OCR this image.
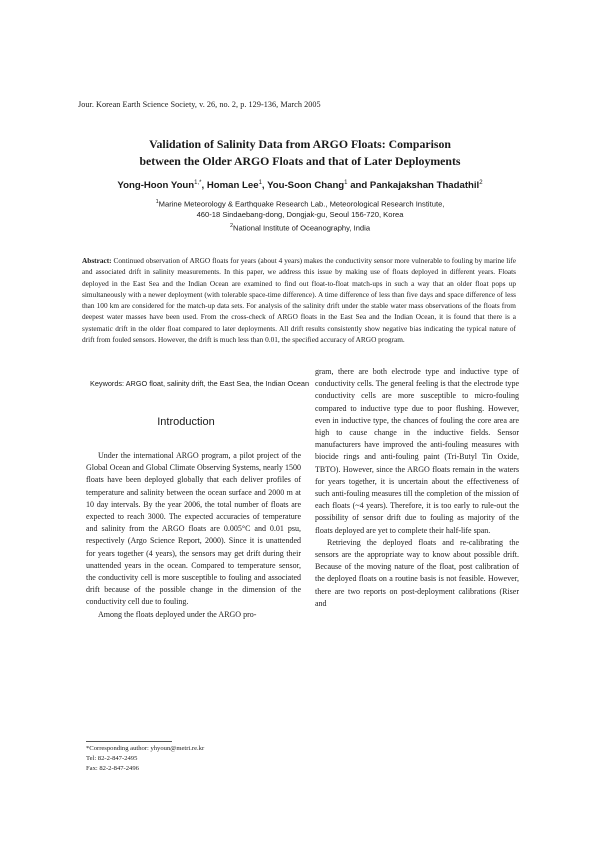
Jour. Korean Earth Science Society, v. 26, no. 2, p. 129-136, March 2005
Validation of Salinity Data from ARGO Floats: Comparison
between the Older ARGO Floats and that of Later Deployments
Yong-Hoon Youn$^{1,*}$, Homan Lee$^1$, You-Soon Chang$^1$ and Pankajakshan Thadathil$^2$
$^1$Marine Meteorology & Earthquake Research Lab., Meteorological Research Institute,
460-18 Sindaebang-dong, Dongjak-gu, Seoul 156-720, Korea
$^2$National Institute of Oceanography, India
Abstract: Continued observation of ARGO floats for years (about 4 years) makes the conductivity sensor more vulnerable to fouling by marine life and associated drift in salinity measurements. In this paper, we address this issue by making use of floats deployed in different years. Floats deployed in the East Sea and the Indian Ocean are examined to find out float-to-float match-ups in such a way that an older float pops up simultaneously with a newer deployment (with tolerable space-time difference). A time difference of less than five days and space difference of less than 100 km are considered for the match-up data sets. For analysis of the salinity drift under the stable water mass observations of the floats from deepest water masses have been used. From the cross-check of ARGO floats in the East Sea and the Indian Ocean, it is found that there is a systematic drift in the older float compared to later deployments. All drift results consistently show negative bias indicating the typical nature of drift from fouled sensors. However, the drift is much less than 0.01, the specified accuracy of ARGO program.
Keywords: ARGO float, salinity drift, the East Sea, the Indian Ocean
Introduction

Under the international ARGO program, a pilot project of the Global Ocean and Global Climate Observing Systems, nearly 1500 floats have been deployed globally that each deliver profiles of temperature and salinity between the ocean surface and 2000 m at 10 day intervals. By the year 2006, the total number of floats are expected to reach 3000. The expected accuracies of temperature and salinity from the ARGO floats are 0.005°C and 0.01 psu, respectively (Argo Science Report, 2000). Since it is unattended for years together (4 years), the sensors may get drift during their unattended years in the ocean. Compared to temperature sensor, the conductivity cell is more susceptible to fouling and associated drift because of the possible change in the dimension of the conductivity cell due to fouling.

Among the floats deployed under the ARGO pro-

gram, there are both electrode type and inductive type of conductivity cells. The general feeling is that the electrode type conductivity cells are more susceptible to micro-fouling compared to inductive type due to poor flushing. However, even in inductive type, the chances of fouling the core area are high to cause change in the inductive fields. Sensor manufacturers have improved the anti-fouling measures with biocide rings and anti-fouling paint (Tri-Butyl Tin Oxide, TBTO). However, since the ARGO floats remain in the waters for years together, it is uncertain about the effectiveness of such anti-fouling measures till the completion of the mission of each floats (~4 years). Therefore, it is too early to rule-out the possibility of sensor drift due to fouling as majority of the floats deployed are yet to complete their half-life span.

Retrieving the deployed floats and re-calibrating the sensors are the appropriate way to know about possible drift. Because of the moving nature of the float, post calibration of the deployed floats on a routine basis is not feasible. However, there are two reports on post-deployment calibrations (Riser and

*Corresponding author: yhyoun@metri.re.kr
Tel: 82-2-847-2495
Fax: 82-2-847-2496
